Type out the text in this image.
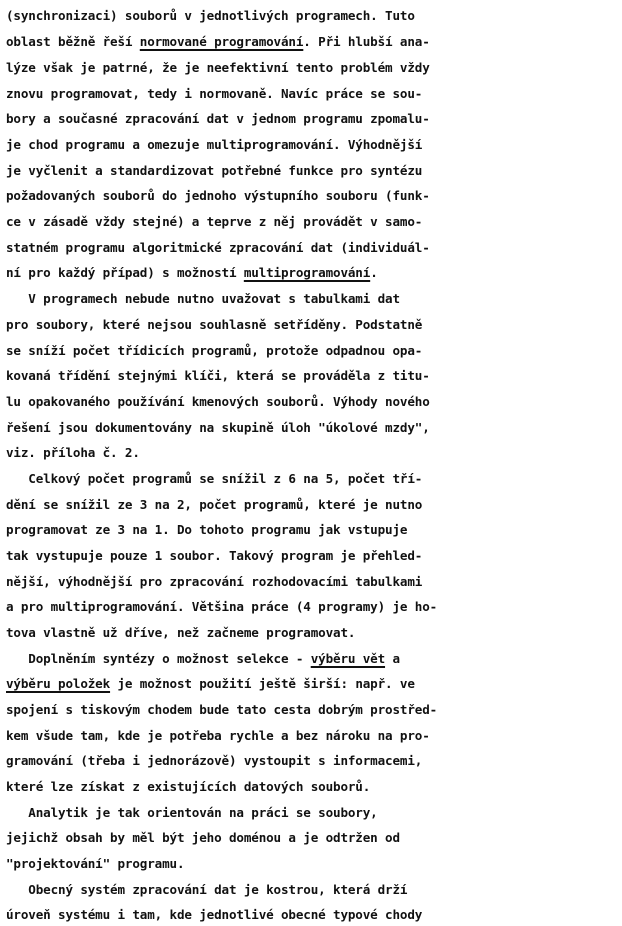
(synchronizaci) souborů v jednotlivých programech. Tuto
oblast běžně řeší normované programování. Při hlubší ana-
lýze však je patrné, že je neefektivní tento problém vždy
znovu programovat, tedy i normovaně. Navíc práce se sou-
bory a současné zpracování dat v jednom programu zpomalu-
je chod programu a omezuje multiprogramování. Výhodnější
je vyčlenit a standardizovat potřebné funkce pro syntézu
požadovaných souborů do jednoho výstupního souboru (funk-
ce v zásadě vždy stejné) a teprve z něj provádět v samo-
statném programu algoritmické zpracování dat (individuál-
ní pro každý případ) s možností multiprogramování.
V programech nebude nutno uvažovat s tabulkami dat
pro soubory, které nejsou souhlasně setříděny. Podstatně
se sníží počet třídicích programů, protože odpadnou opa-
kovaná třídění stejnými klíči, která se prováděla z titu-
lu opakovaného používání kmenových souborů. Výhody nového
řešení jsou dokumentovány na skupině úloh "úkolové mzdy",
viz. příloha č. 2.
Celkový počet programů se snížil z 6 na 5, počet tří-
dění se snížil ze 3 na 2, počet programů, které je nutno
programovat ze 3 na 1. Do tohoto programu jak vstupuje
tak vystupuje pouze 1 soubor. Takový program je přehled-
nější, výhodnější pro zpracování rozhodovacími tabulkami
a pro multiprogramování. Většina práce (4 programy) je ho-
tova vlastně už dříve, než začneme programovat.
Doplněním syntézy o možnost selekce - výběru vět a
výběru položek je možnost použití ještě širší: např. ve
spojení s tiskovým chodem bude tato cesta dobrým prostřed-
kem všude tam, kde je potřeba rychle a bez nároku na pro-
gramování (třeba i jednorázově) vystoupit s informacemi,
které lze získat z existujících datových souborů.
Analytik je tak orientován na práci se soubory,
jejichž obsah by měl být jeho doménou a je odtržen od
"projektování" programu.
Obecný systém zpracování dat je kostrou, která drží
úroveň systému i tam, kde jednotlivé obecné typové chody
